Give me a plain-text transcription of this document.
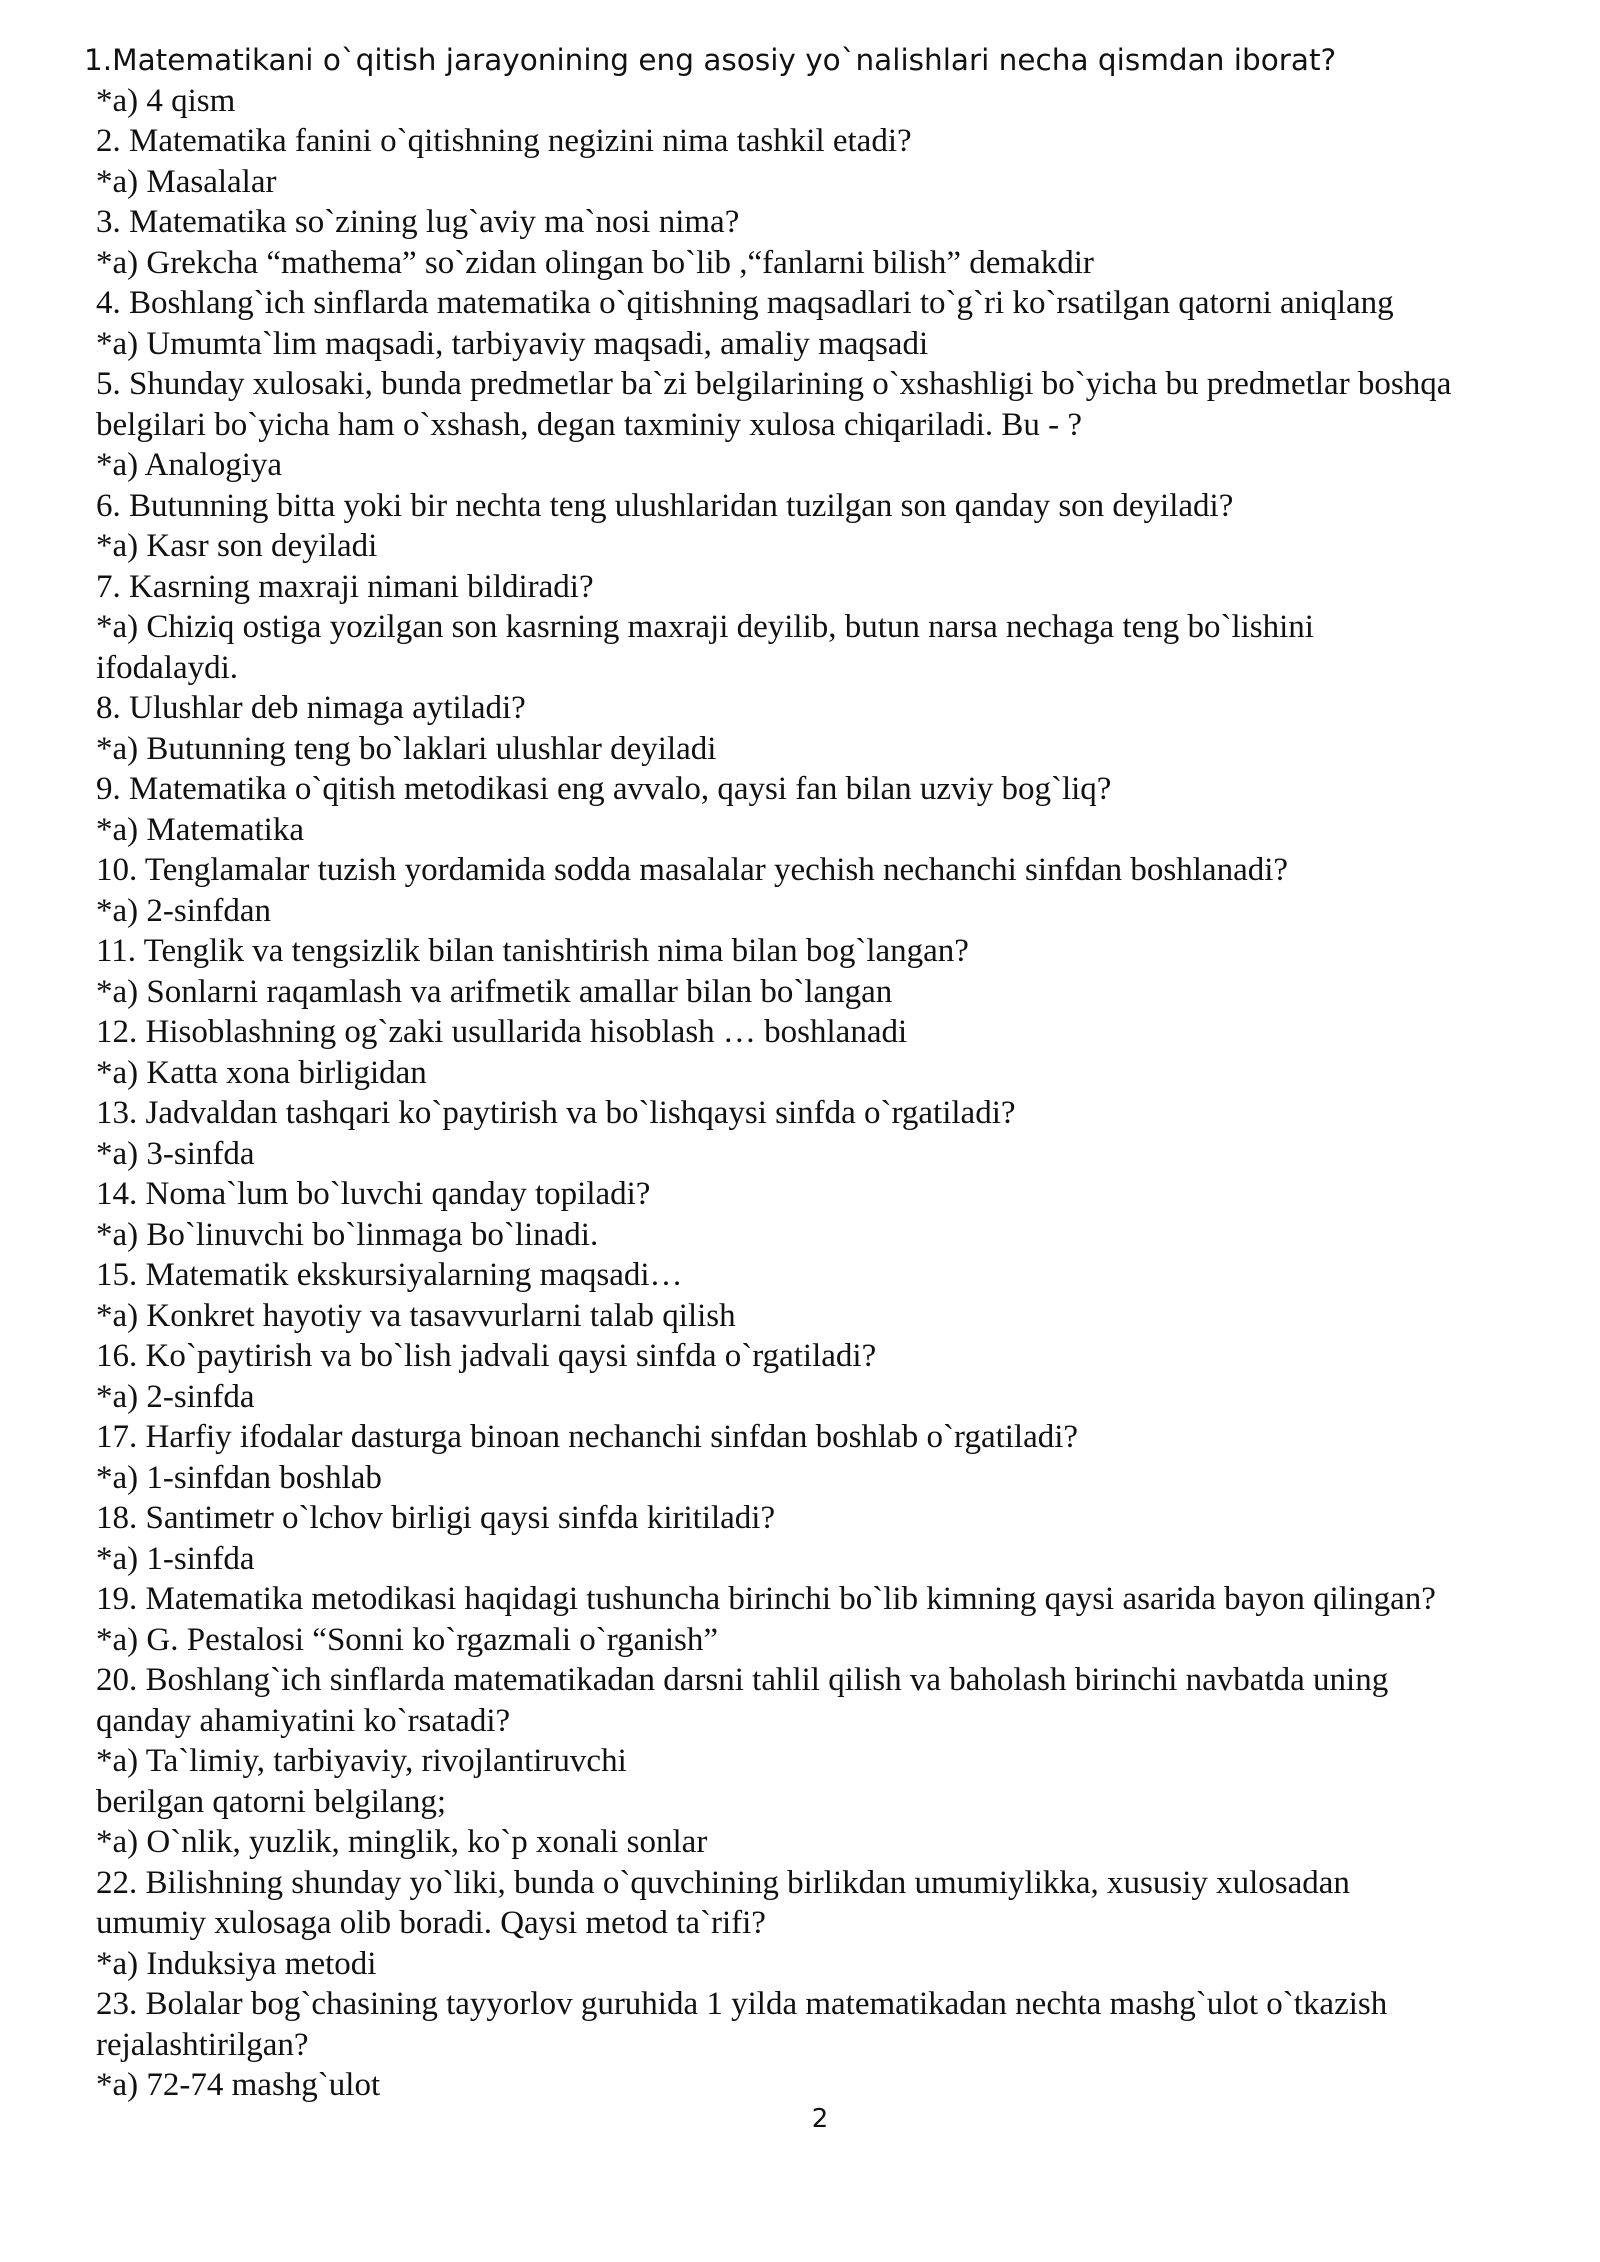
1.Matematikani o`qitish jarayonining eng asosiy yo`nalishlari necha qismdan iborat?

*a) 4 qism

2. Matematika fanini o`qitishning negizini nima tashkil etadi?

*a) Masalalar

3. Matematika so`zining lug`aviy ma`nosi nima?

*a) Grekcha “mathema” so`zidan olingan bo`lib ,“fanlarni bilish” demakdir

4. Boshlang`ich sinflarda matematika o`qitishning maqsadlari to`g`ri ko`rsatilgan qatorni aniqlang

*a) Umumta`lim maqsadi, tarbiyaviy maqsadi, amaliy maqsadi

5. Shunday xulosaki, bunda predmetlar ba`zi belgilarining o`xshashligi bo`yicha bu predmetlar boshqa

belgilari bo`yicha ham o`xshash, degan taxminiy xulosa chiqariladi. Bu - ?

*a) Analogiya

6. Butunning bitta yoki bir nechta teng ulushlaridan tuzilgan son qanday son deyiladi?

*a) Kasr son deyiladi

7. Kasrning maxraji nimani bildiradi?

*a) Chiziq ostiga yozilgan son kasrning maxraji deyilib, butun narsa nechaga teng bo`lishini

ifodalaydi.

8. Ulushlar deb nimaga aytiladi?

*a) Butunning teng bo`laklari ulushlar deyiladi

9. Matematika o`qitish metodikasi eng avvalo, qaysi fan bilan uzviy bog`liq?

*a) Matematika

10. Tenglamalar tuzish yordamida sodda masalalar yechish nechanchi sinfdan boshlanadi?

*a) 2-sinfdan

11. Tenglik va tengsizlik bilan tanishtirish nima bilan bog`langan?

*a) Sonlarni raqamlash va arifmetik amallar bilan bo`langan

12. Hisoblashning og`zaki usullarida hisoblash … boshlanadi

*a) Katta xona birligidan

13. Jadvaldan tashqari ko`paytirish va bo`lishqaysi sinfda o`rgatiladi?

*a) 3-sinfda

14. Noma`lum bo`luvchi qanday topiladi?

*a) Bo`linuvchi bo`linmaga bo`linadi.

15. Matematik ekskursiyalarning maqsadi…

*a) Konkret hayotiy va tasavvurlarni talab qilish

16. Ko`paytirish va bo`lish jadvali qaysi sinfda o`rgatiladi?

*a) 2-sinfda

17. Harfiy ifodalar dasturga binoan nechanchi sinfdan boshlab o`rgatiladi?

*a) 1-sinfdan boshlab

18. Santimetr o`lchov birligi qaysi sinfda kiritiladi?

*a) 1-sinfda

19. Matematika metodikasi haqidagi tushuncha birinchi bo`lib kimning qaysi asarida bayon qilingan?

*a) G. Pestalosi “Sonni ko`rgazmali o`rganish”

20. Boshlang`ich sinflarda matematikadan darsni tahlil qilish va baholash birinchi navbatda uning

qanday ahamiyatini ko`rsatadi?

*a) Ta`limiy, tarbiyaviy, rivojlantiruvchi

berilgan qatorni belgilang;

*a) O`nlik, yuzlik, minglik, ko`p xonali sonlar

22. Bilishning shunday yo`liki, bunda o`quvchining birlikdan umumiylikka, xususiy xulosadan

umumiy xulosaga olib boradi. Qaysi metod ta`rifi?

*a) Induksiya metodi

23. Bolalar bog`chasining tayyorlov guruhida 1 yilda matematikadan nechta mashg`ulot o`tkazish

rejalashtirilgan?

*a) 72-74 mashg`ulot

2
